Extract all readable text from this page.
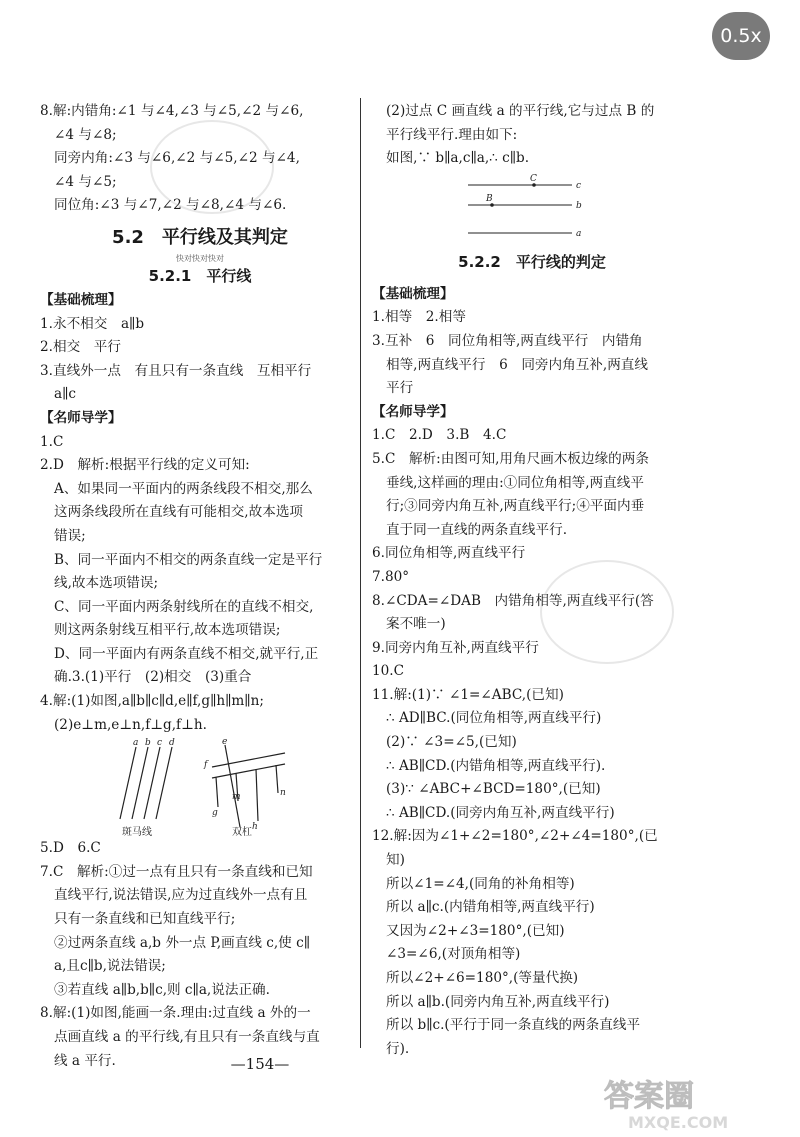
0.5x
8.解:内错角:∠1 与∠4,∠3 与∠5,∠2 与∠6,
∠4 与∠8;
同旁内角:∠3 与∠6,∠2 与∠5,∠2 与∠4,
∠4 与∠5;
同位角:∠3 与∠7,∠2 与∠8,∠4 与∠6.
5.2　平行线及其判定
快对快对快对
5.2.1　平行线
【基础梳理】
1.永不相交　a∥b
2.相交　平行
3.直线外一点　有且只有一条直线　互相平行
a∥c
【名师导学】
1.C
2.D　解析:根据平行线的定义可知:
A、如果同一平面内的两条线段不相交,那么
这两条线段所在直线有可能相交,故本选项
错误;
B、同一平面内不相交的两条直线一定是平行
线,故本选项错误;
C、同一平面内两条射线所在的直线不相交,
则这两条射线互相平行,故本选项错误;
D、同一平面内有两条直线不相交,就平行,正
确.3.(1)平行　(2)相交　(3)重合
4.解:(1)如图,a∥b∥c∥d,e∥f,g∥h∥m∥n;
(2)e⊥m,e⊥n,f⊥g,f⊥h.
a b c d	e
f
g
h
m	n
斑马线	双杠
5.D　6.C
7.C　解析:①过一点有且只有一条直线和已知
直线平行,说法错误,应为过直线外一点有且
只有一条直线和已知直线平行;
②过两条直线 a,b 外一点 P,画直线 c,使 c∥
a,且c∥b,说法错误;
③若直线 a∥b,b∥c,则 c∥a,说法正确.
8.解:(1)如图,能画一条.理由:过直线 a 外的一
点画直线 a 的平行线,有且只有一条直线与直
线 a 平行.
(2)过点 C 画直线 a 的平行线,它与过点 B 的
平行线平行.理由如下:
如图,∵ b∥a,c∥a,∴ c∥b.
C
B
c
b
a
5.2.2　平行线的判定
【基础梳理】
1.相等　2.相等
3.互补　6　同位角相等,两直线平行　内错角
相等,两直线平行　6　同旁内角互补,两直线
平行
【名师导学】
1.C　2.D　3.B　4.C
5.C　解析:由图可知,用角尺画木板边缘的两条
垂线,这样画的理由:①同位角相等,两直线平
行;③同旁内角互补,两直线平行;④平面内垂
直于同一直线的两条直线平行.
6.同位角相等,两直线平行
7.80°
8.∠CDA=∠DAB　内错角相等,两直线平行(答
案不唯一)
9.同旁内角互补,两直线平行
10.C
11.解:(1)∵ ∠1=∠ABC,(已知)
∴ AD∥BC.(同位角相等,两直线平行)
(2)∵ ∠3=∠5,(已知)
∴ AB∥CD.(内错角相等,两直线平行).
(3)∵ ∠ABC+∠BCD=180°,(已知)
∴ AB∥CD.(同旁内角互补,两直线平行)
12.解:因为∠1+∠2=180°,∠2+∠4=180°,(已
知)
所以∠1=∠4,(同角的补角相等)
所以 a∥c.(内错角相等,两直线平行)
又因为∠2+∠3=180°,(已知)
∠3=∠6,(对顶角相等)
所以∠2+∠6=180°,(等量代换)
所以 a∥b.(同旁内角互补,两直线平行)
所以 b∥c.(平行于同一条直线的两条直线平
行).
—154—
答案圈
MXQE.COM
